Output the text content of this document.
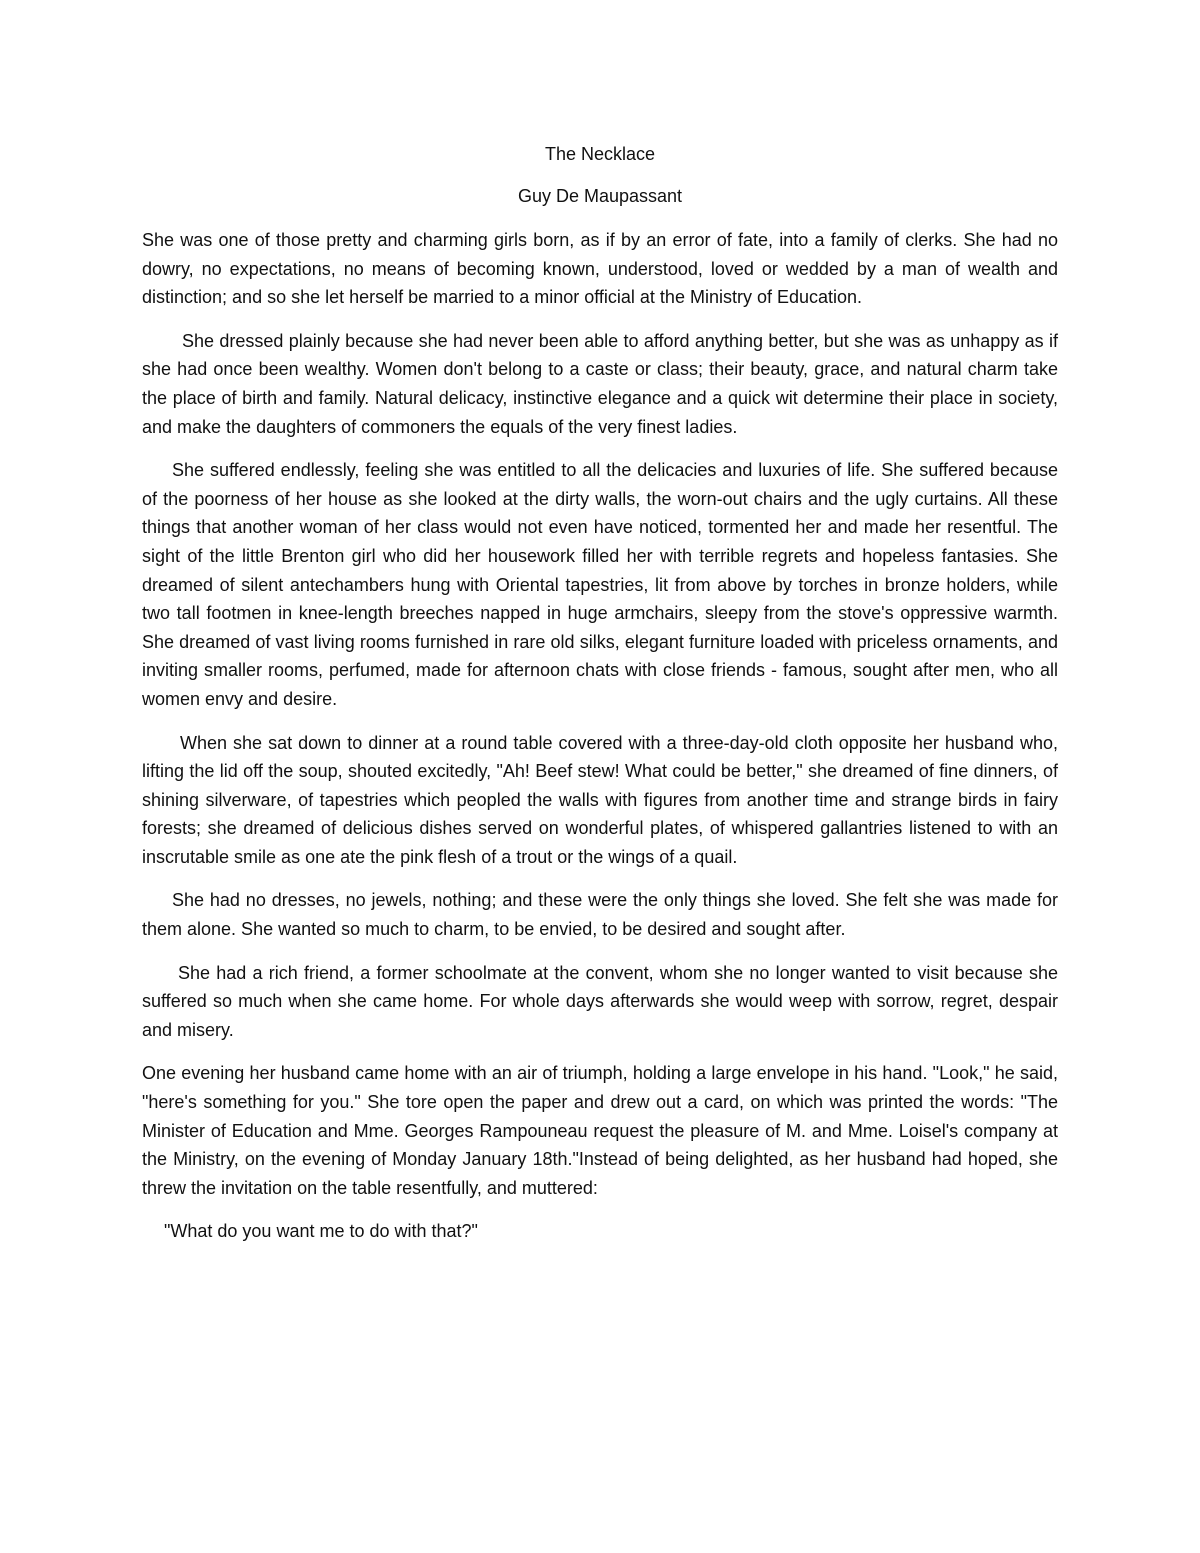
The Necklace

Guy De Maupassant

She was one of those pretty and charming girls born, as if by an error of fate, into a family of clerks. She had no dowry, no expectations, no means of becoming known, understood, loved or wedded by a man of wealth and distinction; and so she let herself be married to a minor official at the Ministry of Education.

She dressed plainly because she had never been able to afford anything better, but she was as unhappy as if she had once been wealthy. Women don't belong to a caste or class; their beauty, grace, and natural charm take the place of birth and family. Natural delicacy, instinctive elegance and a quick wit determine their place in society, and make the daughters of commoners the equals of the very finest ladies.

She suffered endlessly, feeling she was entitled to all the delicacies and luxuries of life. She suffered because of the poorness of her house as she looked at the dirty walls, the worn-out chairs and the ugly curtains. All these things that another woman of her class would not even have noticed, tormented her and made her resentful. The sight of the little Brenton girl who did her housework filled her with terrible regrets and hopeless fantasies. She dreamed of silent antechambers hung with Oriental tapestries, lit from above by torches in bronze holders, while two tall footmen in knee-length breeches napped in huge armchairs, sleepy from the stove's oppressive warmth. She dreamed of vast living rooms furnished in rare old silks, elegant furniture loaded with priceless ornaments, and inviting smaller rooms, perfumed, made for afternoon chats with close friends - famous, sought after men, who all women envy and desire.

When she sat down to dinner at a round table covered with a three-day-old cloth opposite her husband who, lifting the lid off the soup, shouted excitedly, "Ah! Beef stew! What could be better," she dreamed of fine dinners, of shining silverware, of tapestries which peopled the walls with figures from another time and strange birds in fairy forests; she dreamed of delicious dishes served on wonderful plates, of whispered gallantries listened to with an inscrutable smile as one ate the pink flesh of a trout or the wings of a quail.

She had no dresses, no jewels, nothing; and these were the only things she loved. She felt she was made for them alone. She wanted so much to charm, to be envied, to be desired and sought after.

She had a rich friend, a former schoolmate at the convent, whom she no longer wanted to visit because she suffered so much when she came home. For whole days afterwards she would weep with sorrow, regret, despair and misery.

One evening her husband came home with an air of triumph, holding a large envelope in his hand. "Look," he said, "here's something for you." She tore open the paper and drew out a card, on which was printed the words: "The Minister of Education and Mme. Georges Rampouneau request the pleasure of M. and Mme. Loisel's company at the Ministry, on the evening of Monday January 18th."Instead of being delighted, as her husband had hoped, she threw the invitation on the table resentfully, and muttered:

"What do you want me to do with that?"
